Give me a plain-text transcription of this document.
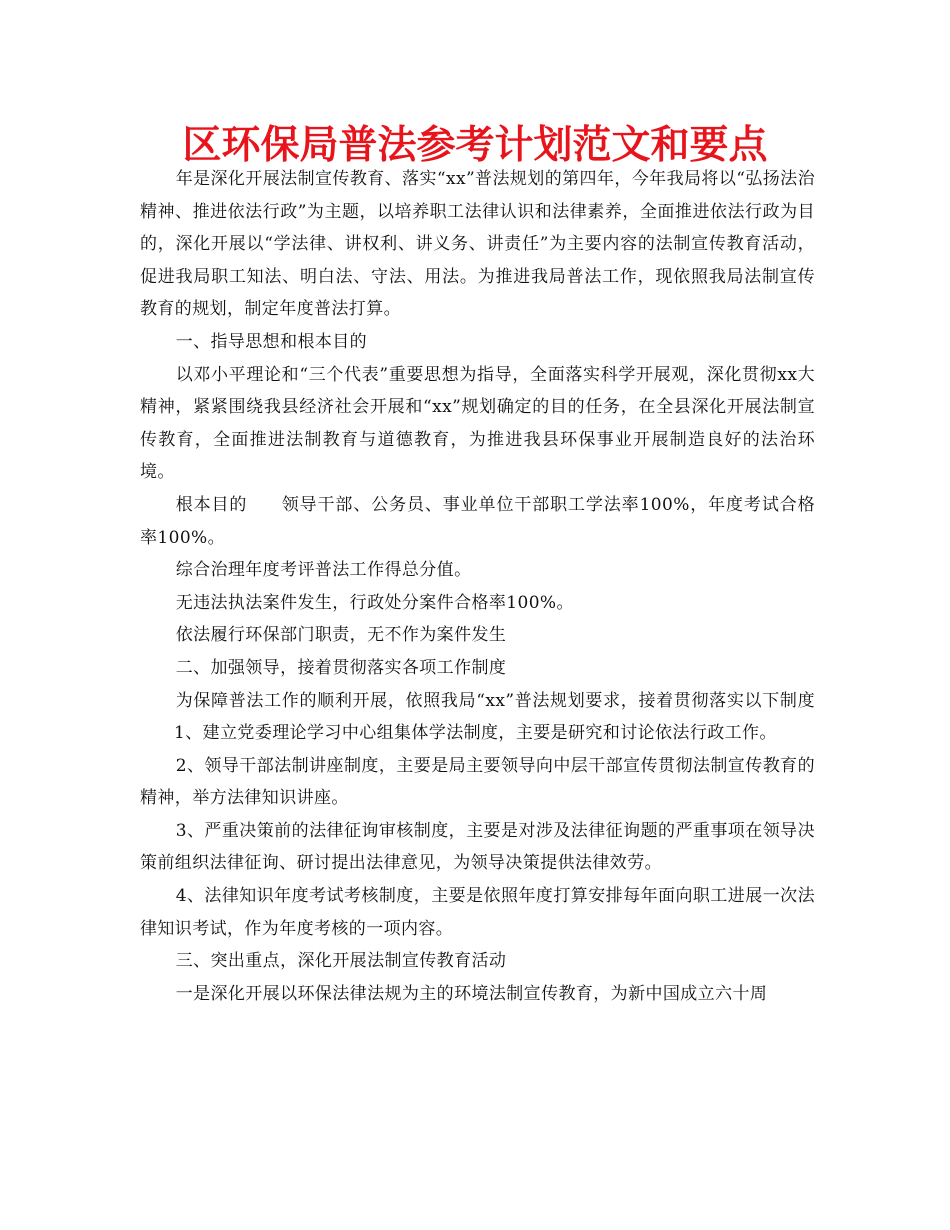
区环保局普法参考计划范文和要点

年是深化开展法制宣传教育、落实“xx”普法规划的第四年，今年我局将以“弘扬法治精神、推进依法行政”为主题，以培养职工法律认识和法律素养，全面推进依法行政为目的，深化开展以“学法律、讲权利、讲义务、讲责任”为主要内容的法制宣传教育活动，促进我局职工知法、明白法、守法、用法。为推进我局普法工作，现依照我局法制宣传教育的规划，制定年度普法打算。

一、指导思想和根本目的

以邓小平理论和“三个代表”重要思想为指导，全面落实科学开展观，深化贯彻xx大精神，紧紧围绕我县经济社会开展和“xx”规划确定的目的任务，在全县深化开展法制宣传教育，全面推进法制教育与道德教育，为推进我县环保事业开展制造良好的法治环境。

根本目的 领导干部、公务员、事业单位干部职工学法率100%，年度考试合格率100%。

综合治理年度考评普法工作得总分值。

无违法执法案件发生，行政处分案件合格率100%。

依法履行环保部门职责，无不作为案件发生

二、加强领导，接着贯彻落实各项工作制度

为保障普法工作的顺利开展，依照我局“xx”普法规划要求，接着贯彻落实以下制度1、建立党委理论学习中心组集体学法制度，主要是研究和讨论依法行政工作。

2、领导干部法制讲座制度，主要是局主要领导向中层干部宣传贯彻法制宣传教育的精神，举方法律知识讲座。

3、严重决策前的法律征询审核制度，主要是对涉及法律征询题的严重事项在领导决策前组织法律征询、研讨提出法律意见，为领导决策提供法律效劳。

4、法律知识年度考试考核制度，主要是依照年度打算安排每年面向职工进展一次法律知识考试，作为年度考核的一项内容。

三、突出重点，深化开展法制宣传教育活动

一是深化开展以环保法律法规为主的环境法制宣传教育，为新中国成立六十周
